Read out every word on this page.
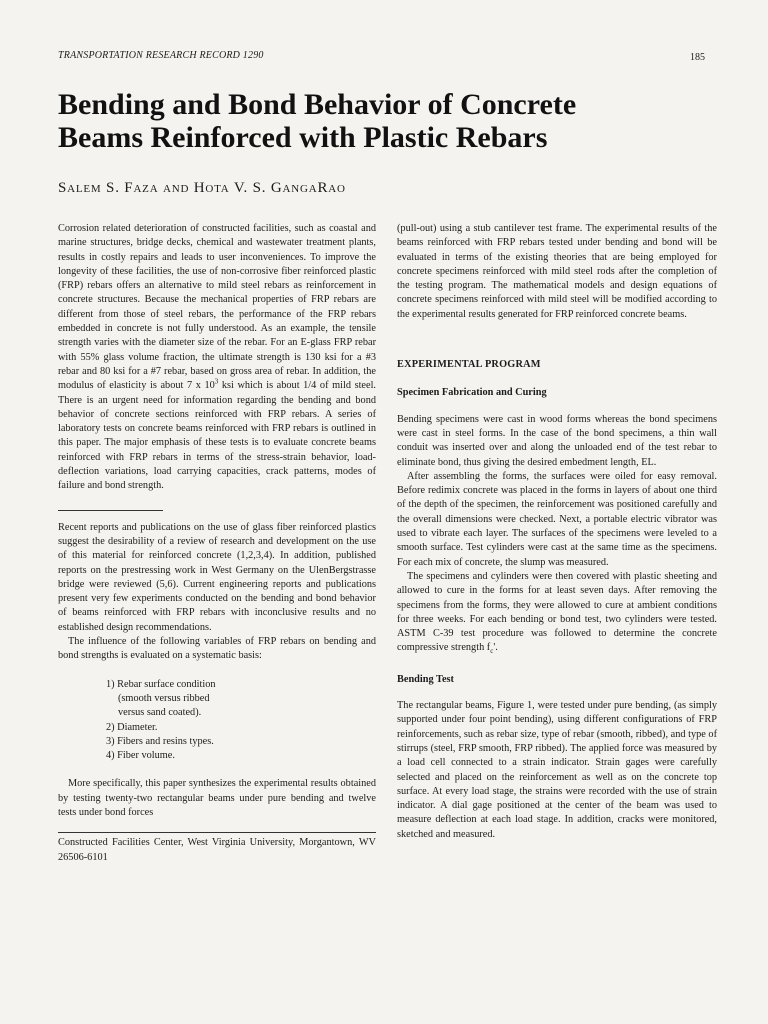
TRANSPORTATION RESEARCH RECORD 1290	185
Bending and Bond Behavior of Concrete
Beams Reinforced with Plastic Rebars
Salem S. Faza and Hota V. S. GangaRao

Corrosion related deterioration of constructed facilities, such as coastal and marine structures, bridge decks, chemical and wastewater treatment plants, results in costly repairs and leads to user inconveniences. To improve the longevity of these facilities, the use of non-corrosive fiber reinforced plastic (FRP) rebars offers an alternative to mild steel rebars as reinforcement in concrete structures. Because the mechanical properties of FRP rebars are different from those of steel rebars, the performance of the FRP rebars embedded in concrete is not fully understood. As an example, the tensile strength varies with the diameter size of the rebar. For an E-glass FRP rebar with 55% glass volume fraction, the ultimate strength is 130 ksi for a #3 rebar and 80 ksi for a #7 rebar, based on gross area of rebar. In addition, the modulus of elasticity is about 7 x $10^3$ ksi which is about 1/4 of mild steel. There is an urgent need for information regarding the bending and bond behavior of concrete sections reinforced with FRP rebars. A series of laboratory tests on concrete beams reinforced with FRP rebars is outlined in this paper. The major emphasis of these tests is to evaluate concrete beams reinforced with FRP rebars in terms of the stress-strain behavior, load-deflection variations, load carrying capacities, crack patterns, modes of failure and bond strength.

Recent reports and publications on the use of glass fiber reinforced plastics suggest the desirability of a review of research and development on the use of this material for reinforced concrete (1,2,3,4). In addition, published reports on the prestressing work in West Germany on the UlenBergstrasse bridge were reviewed (5,6). Current engineering reports and publications present very few experiments conducted on the bending and bond behavior of beams reinforced with FRP rebars with inconclusive results and no established design recommendations.

The influence of the following variables of FRP rebars on bending and bond strengths is evaluated on a systematic basis:

1) Rebar surface condition
(smooth versus ribbed
versus sand coated).
2) Diameter.
3) Fibers and resins types.
4) Fiber volume.

More specifically, this paper synthesizes the experimental results obtained by testing twenty-two rectangular beams under pure bending and twelve tests under bond forces

Constructed Facilities Center, West Virginia University, Morgantown, WV 26506-6101

(pull-out) using a stub cantilever test frame. The experimental results of the beams reinforced with FRP rebars tested under bending and bond will be evaluated in terms of the existing theories that are being employed for concrete specimens reinforced with mild steel rods after the completion of the testing program. The mathematical models and design equations of concrete specimens reinforced with mild steel will be modified according to the experimental results generated for FRP reinforced concrete beams.

EXPERIMENTAL PROGRAM
Specimen Fabrication and Curing

Bending specimens were cast in wood forms whereas the bond specimens were cast in steel forms. In the case of the bond specimens, a thin wall conduit was inserted over and along the unloaded end of the test rebar to eliminate bond, thus giving the desired embedment length, EL.

After assembling the forms, the surfaces were oiled for easy removal. Before redimix concrete was placed in the forms in layers of about one third of the depth of the specimen, the reinforcement was positioned carefully and the overall dimensions were checked. Next, a portable electric vibrator was used to vibrate each layer. The surfaces of the specimens were leveled to a smooth surface. Test cylinders were cast at the same time as the specimens. For each mix of concrete, the slump was measured.

The specimens and cylinders were then covered with plastic sheeting and allowed to cure in the forms for at least seven days. After removing the specimens from the forms, they were allowed to cure at ambient conditions for three weeks. For each bending or bond test, two cylinders were tested. ASTM C-39 test procedure was followed to determine the concrete compressive strength $f_c'$.

Bending Test

The rectangular beams, Figure 1, were tested under pure bending, (as simply supported under four point bending), using different configurations of FRP reinforcements, such as rebar size, type of rebar (smooth, ribbed), and type of stirrups (steel, FRP smooth, FRP ribbed). The applied force was measured by a load cell connected to a strain indicator. Strain gages were carefully selected and placed on the reinforcement as well as on the concrete top surface. At every load stage, the strains were recorded with the use of strain indicator. A dial gage positioned at the center of the beam was used to measure deflection at each load stage. In addition, cracks were monitored, sketched and measured.
